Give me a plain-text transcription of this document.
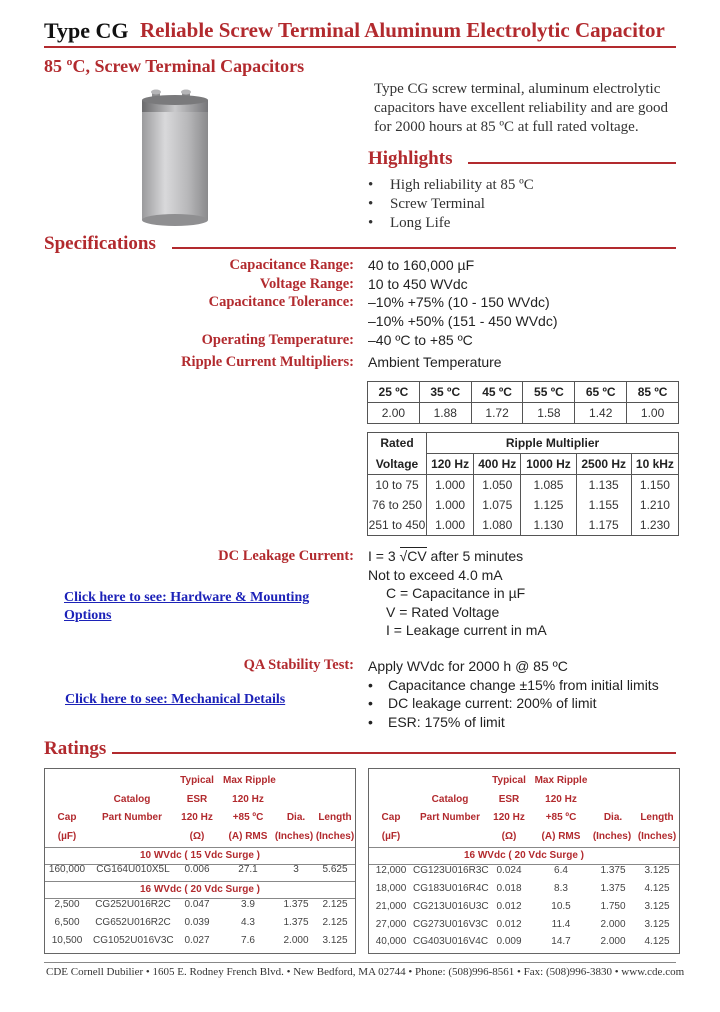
Type CG Reliable Screw Terminal Aluminum Electrolytic Capacitor
85 ºC, Screw Terminal Capacitors
Type CG screw terminal, aluminum electrolytic capacitors have excellent reliability and are good for 2000 hours at 85 ºC at full rated voltage.
Highlights
• High reliability at 85 ºC
• Screw Terminal
• Long Life
Specifications
Capacitance Range: 40 to 160,000 µF
Voltage Range: 10 to 450 WVdc
Capacitance Tolerance: –10% +75% (10 - 150 WVdc)
–10% +50% (151 - 450 WVdc)
Operating Temperature: –40 ºC to +85 ºC
Ripple Current Multipliers: Ambient Temperature
25 ºC	35 ºC	45 ºC	55 ºC	65 ºC	85 ºC
2.00	1.88	1.72	1.58	1.42	1.00
Rated	Ripple Multiplier				
Voltage	120 Hz	400 Hz	1000 Hz	2500 Hz	10 kHz
10 to 75	1.000	1.050	1.085	1.135	1.150
76 to 250	1.000	1.075	1.125	1.155	1.210
251 to 450	1.000	1.080	1.130	1.175	1.230
DC Leakage Current: I = 3 √CV after 5 minutes
Not to exceed 4.0 mA
C = Capacitance in µF
V = Rated Voltage
I = Leakage current in mA
Click here to see: Hardware & Mounting
Options
Click here to see: Mechanical Details
QA Stability Test: Apply WVdc for 2000 h @ 85 ºC
• Capacitance change ±15% from initial limits
• DC leakage current: 200% of limit
• ESR: 175% of limit
Ratings
Typical Max Ripple
Catalog	ESR	120 Hz
Cap	Part Number	120 Hz	+85 ºC	Dia.	Length
(µF)	(Ω)	(A) RMS (Inches) (Inches)
10 WVdc ( 15 Vdc Surge )
160,000	CG164U010X5L	0.006	27.1	3	5.625
16 WVdc ( 20 Vdc Surge )
2,500	CG252U016R2C	0.047	3.9	1.375	2.125
6,500	CG652U016R2C	0.039	4.3	1.375	2.125
10,500	CG1052U016V3C	0.027	7.6	2.000	3.125
Typical Max Ripple
Catalog	ESR	120 Hz
Cap	Part Number	120 Hz	+85 ºC	Dia.	Length
(µF)	(Ω)	(A) RMS	(Inches) (Inches)
16 WVdc ( 20 Vdc Surge )
12,000 CG123U016R3C 0.024	6.4	1.375	3.125
18,000 CG183U016R4C 0.018	8.3	1.375	4.125
21,000 CG213U016U3C 0.012	10.5	1.750	3.125
27,000 CG273U016V3C 0.012	11.4	2.000	3.125
40,000 CG403U016V4C 0.009	14.7	2.000	4.125
CDE Cornell Dubilier • 1605 E. Rodney French Blvd. • New Bedford, MA 02744 • Phone: (508)996-8561 • Fax: (508)996-3830 • www.cde.com
